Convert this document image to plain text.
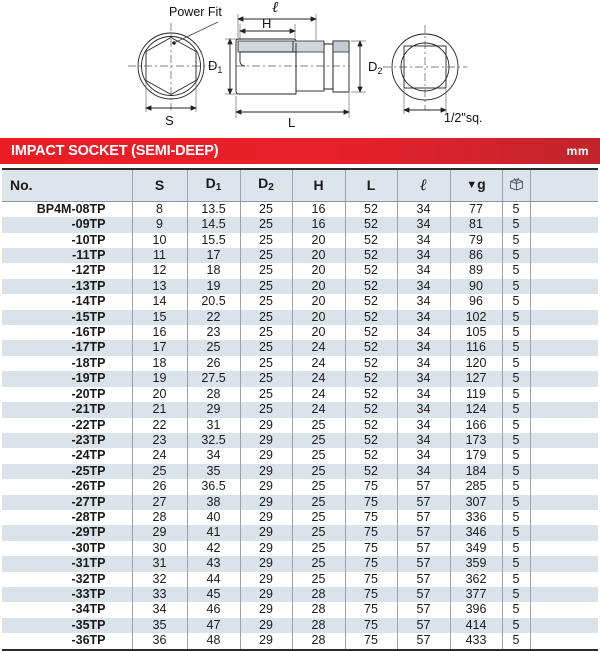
Power Fit
S
$D_1$
ℓ
H
L
$D_2$
1/2"sq.
IMPACT SOCKET (SEMI-DEEP)	mm
No.	S	D1	D2	H	L	ℓ	▼g		
BP4M-08TP	8	13.5	25	16	52	34	77	5	
-09TP	9	14.5	25	16	52	34	81	5	
-10TP	10	15.5	25	20	52	34	79	5	
-11TP	11	17	25	20	52	34	86	5	
-12TP	12	18	25	20	52	34	89	5	
-13TP	13	19	25	20	52	34	90	5	
-14TP	14	20.5	25	20	52	34	96	5	
-15TP	15	22	25	20	52	34	102	5	
-16TP	16	23	25	20	52	34	105	5	
-17TP	17	25	25	24	52	34	116	5	
-18TP	18	26	25	24	52	34	120	5	
-19TP	19	27.5	25	24	52	34	127	5	
-20TP	20	28	25	24	52	34	119	5	
-21TP	21	29	25	24	52	34	124	5	
-22TP	22	31	29	25	52	34	166	5	
-23TP	23	32.5	29	25	52	34	173	5	
-24TP	24	34	29	25	52	34	179	5	
-25TP	25	35	29	25	52	34	184	5	
-26TP	26	36.5	29	25	75	57	285	5	
-27TP	27	38	29	25	75	57	307	5	
-28TP	28	40	29	25	75	57	336	5	
-29TP	29	41	29	25	75	57	346	5	
-30TP	30	42	29	25	75	57	349	5	
-31TP	31	43	29	25	75	57	359	5	
-32TP	32	44	29	25	75	57	362	5	
-33TP	33	45	29	28	75	57	377	5	
-34TP	34	46	29	28	75	57	396	5	
-35TP	35	47	29	28	75	57	414	5	
-36TP	36	48	29	28	75	57	433	5	
